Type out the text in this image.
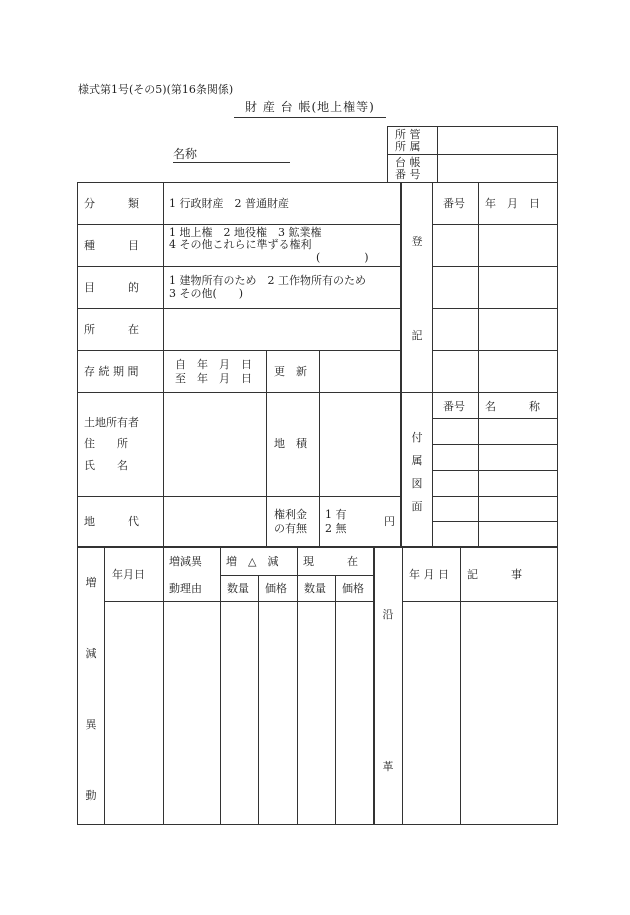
様式第1号(その5)(第16条関係)
財 産 台 帳(地上権等)
名称
所 管
所 属
台 帳
番 号
分　　　類	1 行政財産　2 普通財産
種　　　目
1 地上権　2 地役権　3 鉱業権
4 その他これらに準ずる権利
(　　　　)
目　　　的
1 建物所有のため　2 工作物所有のため
3 その他(　　)
所　　　在
存 続 期 間
自　年　月　日
至　年　月　日
更　新
土地所有者
住　　所
氏　　名
地　積
地　　　代
権利金
の有無
1 有
2 無
円
登
記
番号 年　月　日
付
属
図
面
番号 名　　　称
増
減
異
動
年月日
増減異
動理由
増　△　減 現　　　在
数量 価格 数量 価格
沿
革
年 月 日 記　　　事
